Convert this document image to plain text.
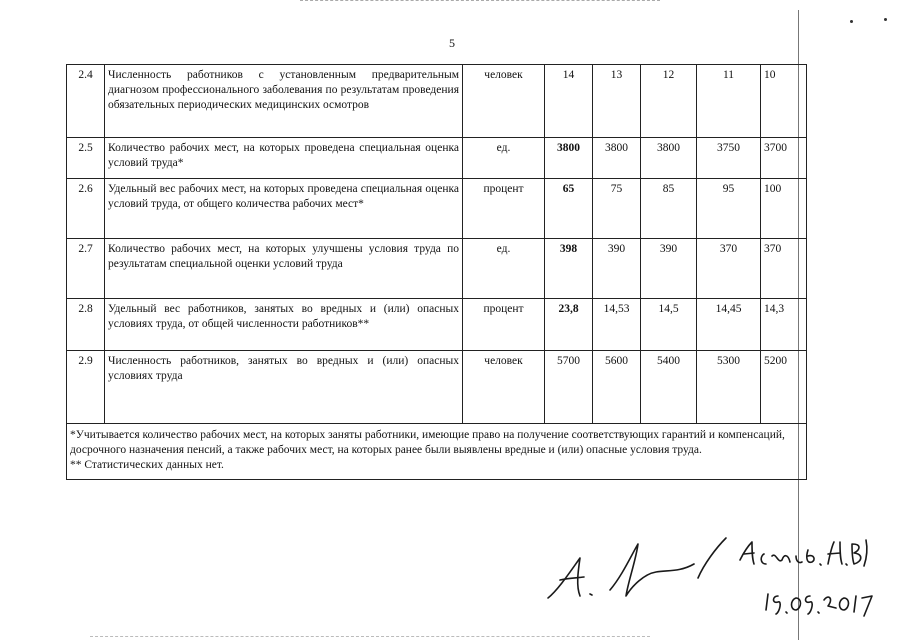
5
2.4	Численность работников с установленным предварительным диагнозом профессионального заболевания по результатам проведения обязательных периодических медицинских осмотров	человек	14	13	12	11	10
2.5	Количество рабочих мест, на которых проведена специальная оценка условий труда*	ед.	3800	3800	3800	3750	3700
2.6	Удельный вес рабочих мест, на которых проведена специальная оценка условий труда, от общего количества рабочих мест*	процент	65	75	85	95	100
2.7	Количество рабочих мест, на которых улучшены условия труда по результатам специальной оценки условий труда	ед.	398	390	390	370	370
2.8	Удельный вес работников, занятых во вредных и (или) опасных условиях труда, от общей численности работников**	процент	23,8	14,53	14,5	14,45	14,3
2.9	Численность работников, занятых во вредных и (или) опасных условиях труда	человек	5700	5600	5400	5300	5200

*Учитывается количество рабочих мест, на которых заняты работники, имеющие право на получение соответствующих гарантий и компенсаций, досрочного назначения пенсий, а также рабочих мест, на которых ранее были выявлены вредные и (или) опасные условия труда.
** Статистических данных нет.							
